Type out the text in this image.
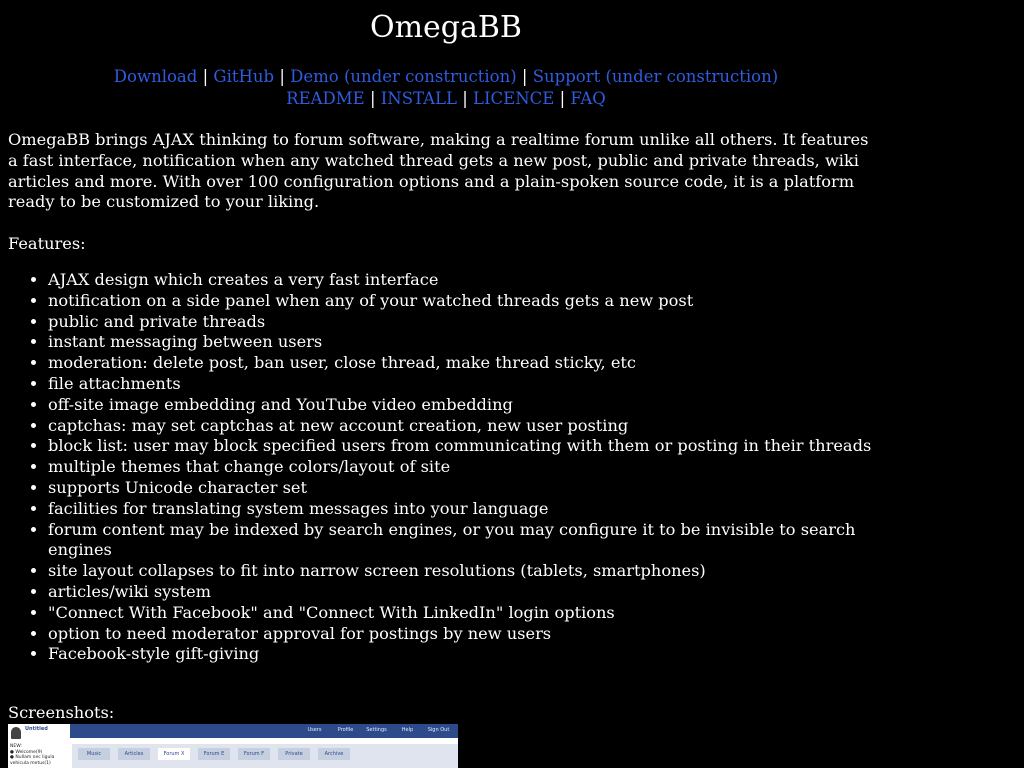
OmegaBB
Download | GitHub | Demo (under construction) | Support (under construction)
README | INSTALL | LICENCE | FAQ

OmegaBB brings AJAX thinking to forum software, making a realtime forum unlike all others. It features a fast interface, notification when any watched thread gets a new post, public and private threads, wiki articles and more. With over 100 configuration options and a plain-spoken source code, it is a platform ready to be customized to your liking.

Features:

• AJAX design which creates a very fast interface
• notification on a side panel when any of your watched threads gets a new post
• public and private threads
• instant messaging between users
• moderation: delete post, ban user, close thread, make thread sticky, etc
• file attachments
• off-site image embedding and YouTube video embedding
• captchas: may set captchas at new account creation, new user posting
• block list: user may block specified users from communicating with them or posting in their threads
• multiple themes that change colors/layout of site
• supports Unicode character set
• facilities for translating system messages into your language
• forum content may be indexed by search engines, or you may configure it to be invisible to search engines
• site layout collapses to fit into narrow screen resolutions (tablets, smartphones)
• articles/wiki system
• "Connect With Facebook" and "Connect With LinkedIn" login options
• option to need moderator approval for postings by new users
• Facebook-style gift-giving

Screenshots:

Users	Profile	Settings	Help	Sign Out
Untitled
NEW:
● Welcome(9)
● Nullam nec ligula
vehicula metus(1)
Music	Articles	Forum X	Forum E	Forum F	Private	Archive
